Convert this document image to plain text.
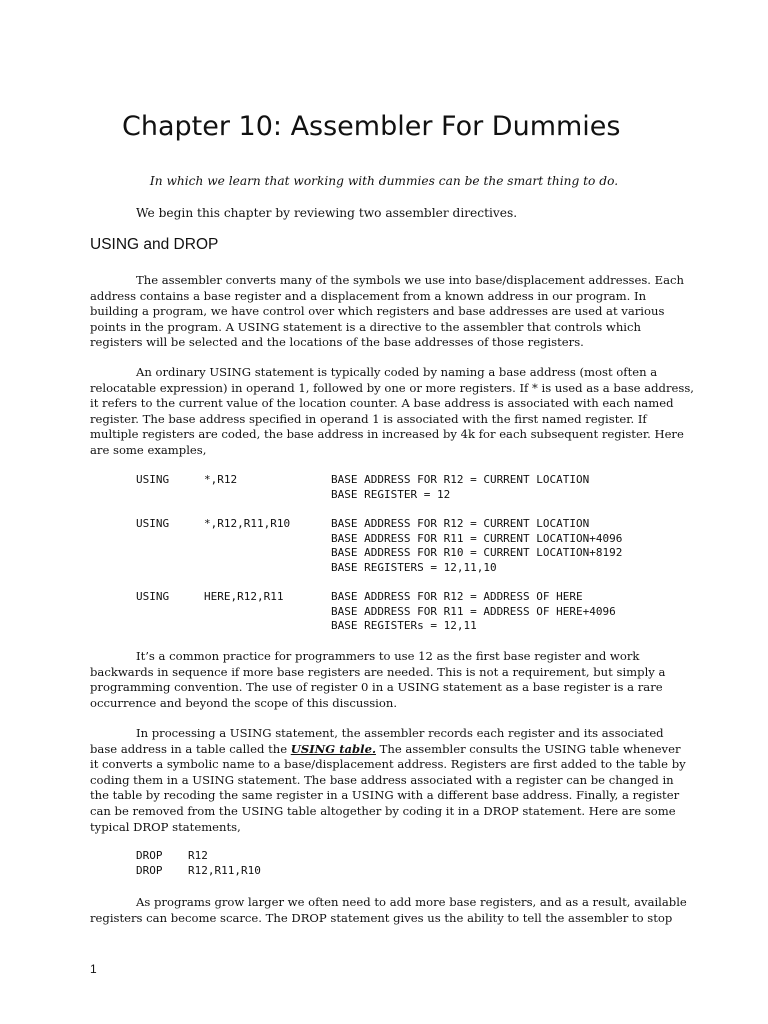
Chapter 10: Assembler For Dummies

In which we learn that working with dummies can be the smart thing to do.

We begin this chapter by reviewing two assembler directives.

USING and DROP

The assembler converts many of the symbols we use into base/displacement addresses. Each
address contains a base register and a displacement from a known address in our program. In
building a program, we have control over which registers and base addresses are used at various
points in the program. A USING statement is a directive to the assembler that controls which
registers will be selected and the locations of the base addresses of those registers.

An ordinary USING statement is typically coded by naming a base address (most often a
relocatable expression) in operand 1, followed by one or more registers. If * is used as a base address,
it refers to the current value of the location counter. A base address is associated with each named
register. The base address specified in operand 1 is associated with the first named register. If
multiple registers are coded, the base address in increased by 4k for each subsequent register. Here
are some examples,

USING	*,R12	BASE ADDRESS FOR R12 = CURRENT LOCATION
BASE REGISTER = 12
USING	*,R12,R11,R10	BASE ADDRESS FOR R12 = CURRENT LOCATION
BASE ADDRESS FOR R11 = CURRENT LOCATION+4096
BASE ADDRESS FOR R10 = CURRENT LOCATION+8192
BASE REGISTERS = 12,11,10
USING	HERE,R12,R11	BASE ADDRESS FOR R12 = ADDRESS OF HERE
BASE ADDRESS FOR R11 = ADDRESS OF HERE+4096
BASE REGISTERs = 12,11

It’s a common practice for programmers to use 12 as the first base register and work
backwards in sequence if more base registers are needed. This is not a requirement, but simply a
programming convention. The use of register 0 in a USING statement as a base register is a rare
occurrence and beyond the scope of this discussion.

In processing a USING statement, the assembler records each register and its associated
base address in a table called the USING table. The assembler consults the USING table whenever
it converts a symbolic name to a base/displacement address. Registers are first added to the table by
coding them in a USING statement. The base address associated with a register can be changed in
the table by recoding the same register in a USING with a different base address. Finally, a register
can be removed from the USING table altogether by coding it in a DROP statement. Here are some
typical DROP statements,

DROP	R12
DROP	R12,R11,R10

As programs grow larger we often need to add more base registers, and as a result, available
registers can become scarce. The DROP statement gives us the ability to tell the assembler to stop

1
